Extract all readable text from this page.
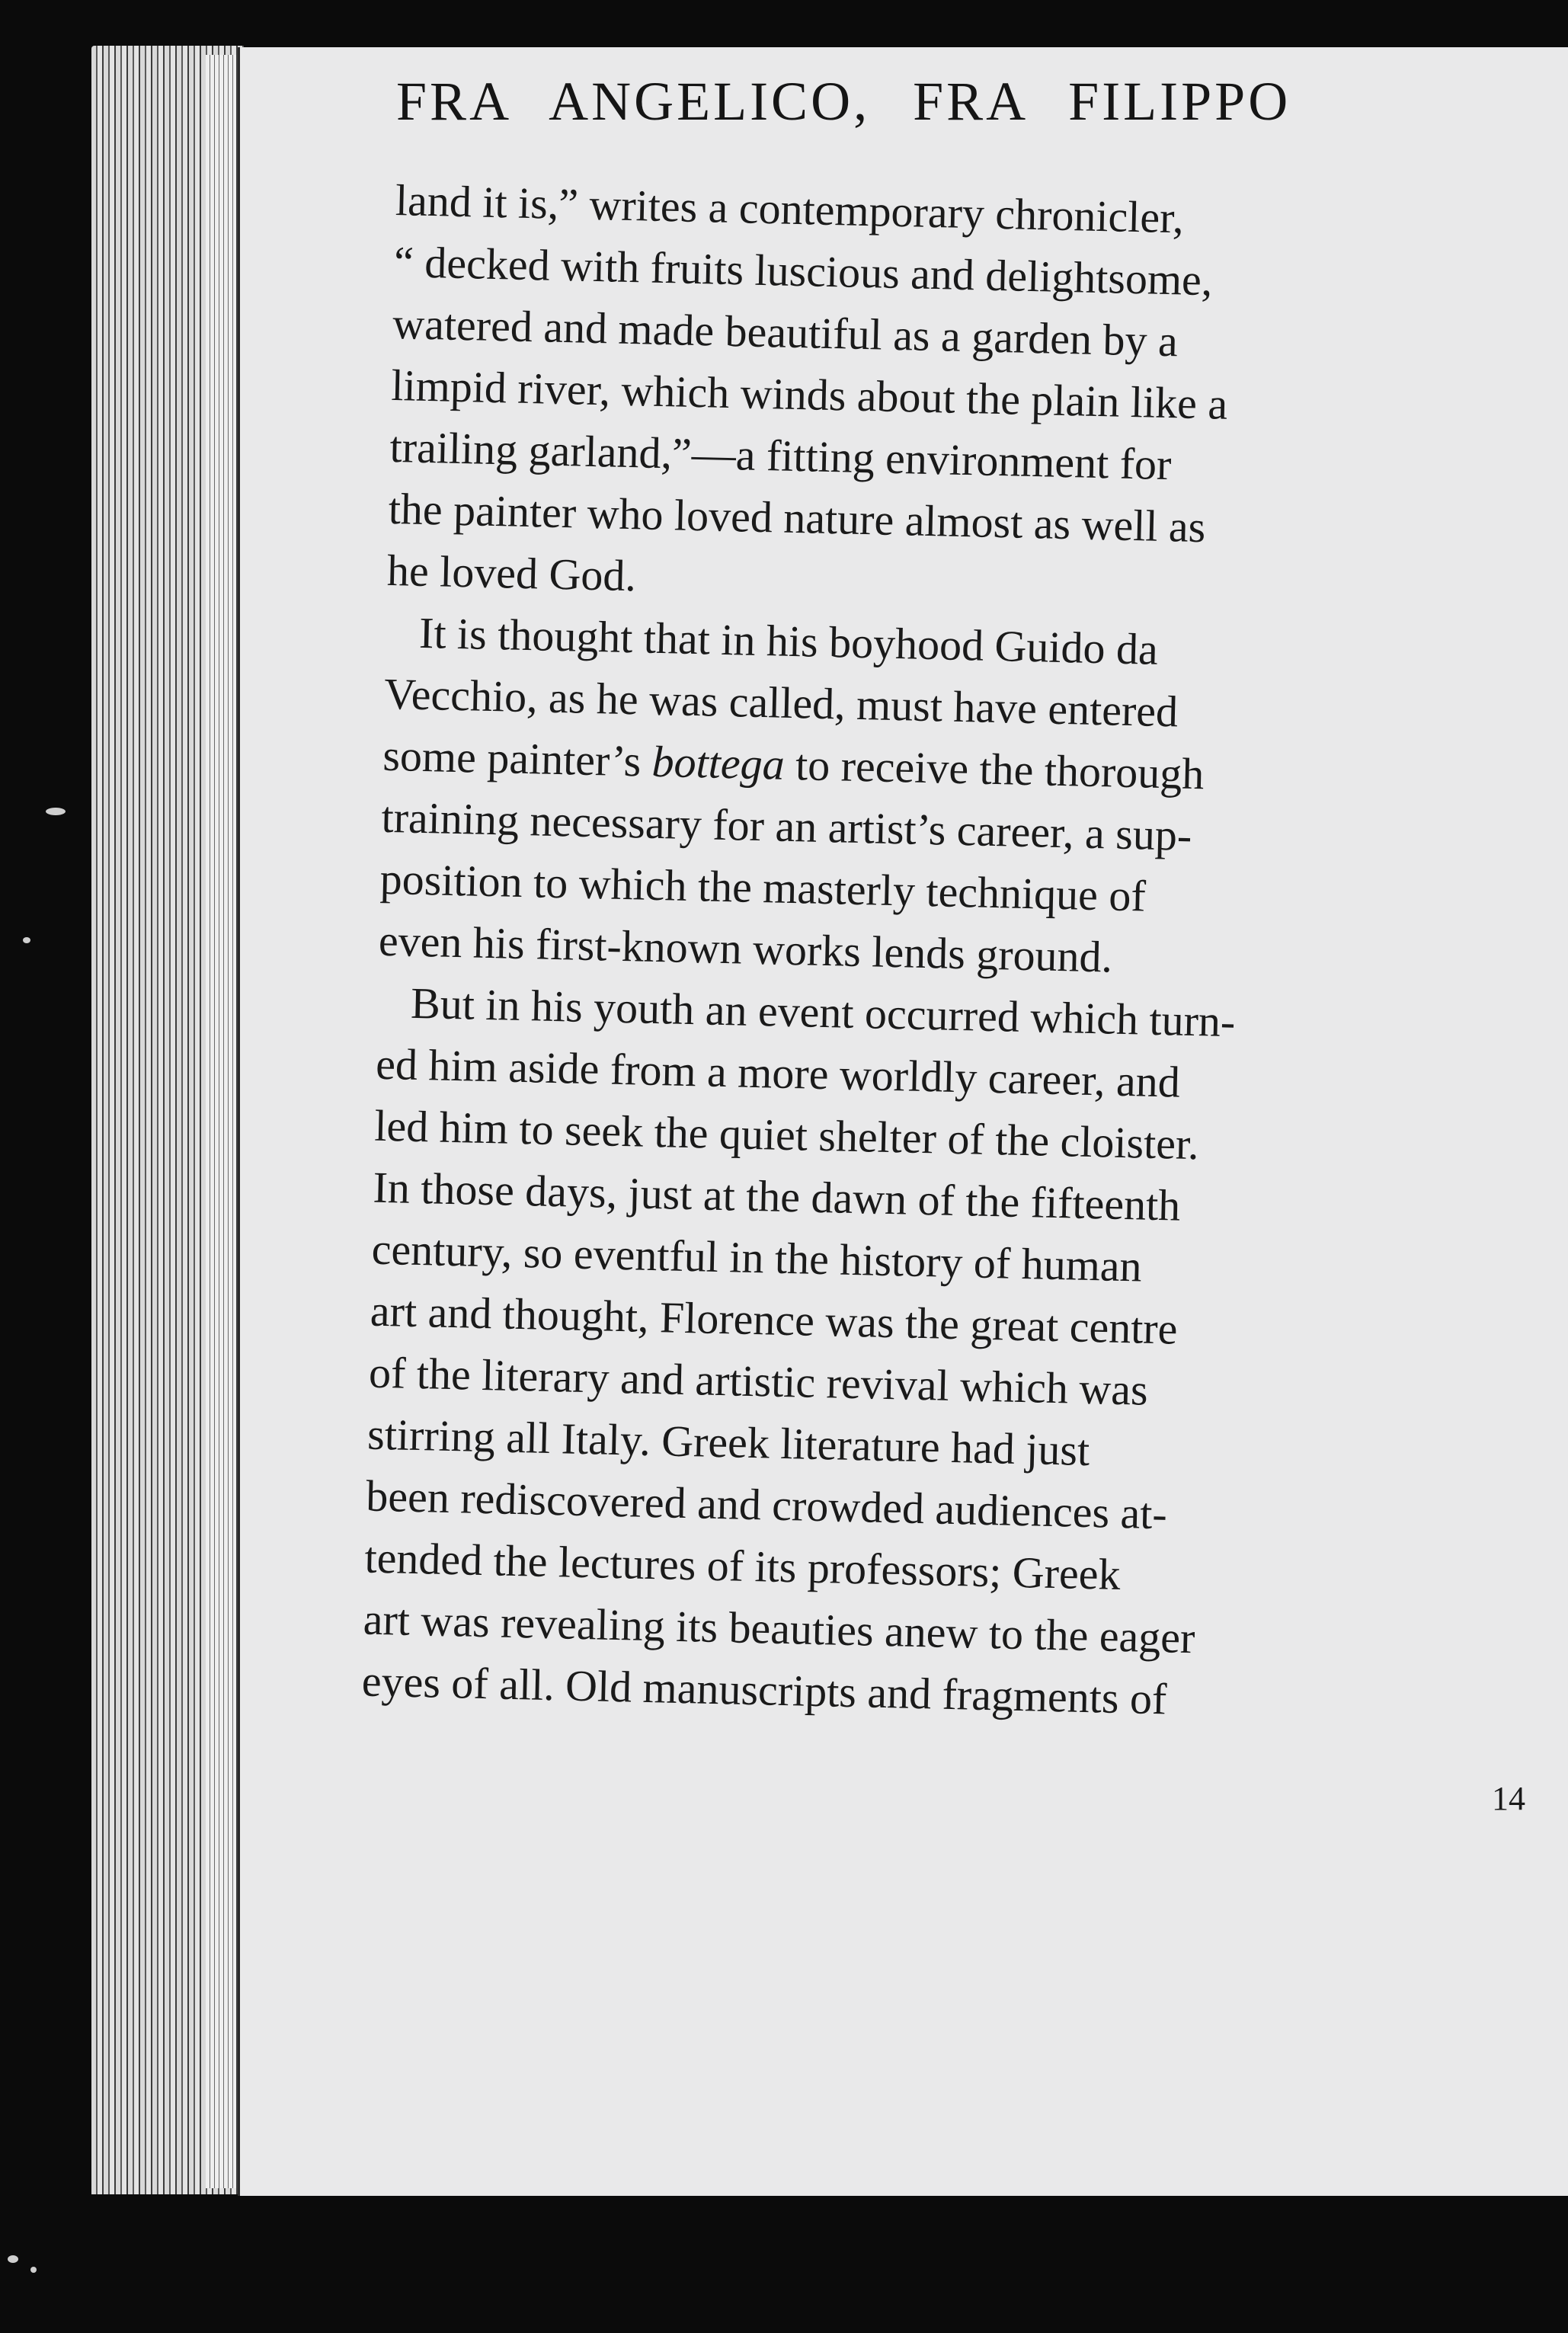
FRA ANGELICO, FRA FILIPPO
land it is,” writes a contemporary chronicler,
“ decked with fruits luscious and delightsome,
watered and made beautiful as a garden by a
limpid river, which winds about the plain like a
trailing garland,”—a fitting environment for
the painter who loved nature almost as well as
he loved God.
It is thought that in his boyhood Guido da
Vecchio, as he was called, must have entered
some painter’s bottega to receive the thorough
training necessary for an artist’s career, a sup-
position to which the masterly technique of
even his first-known works lends ground.
But in his youth an event occurred which turn-
ed him aside from a more worldly career, and
led him to seek the quiet shelter of the cloister.
In those days, just at the dawn of the fifteenth
century, so eventful in the history of human
art and thought, Florence was the great centre
of the literary and artistic revival which was
stirring all Italy. Greek literature had just
been rediscovered and crowded audiences at-
tended the lectures of its professors; Greek
art was revealing its beauties anew to the eager
eyes of all. Old manuscripts and fragments of
14
